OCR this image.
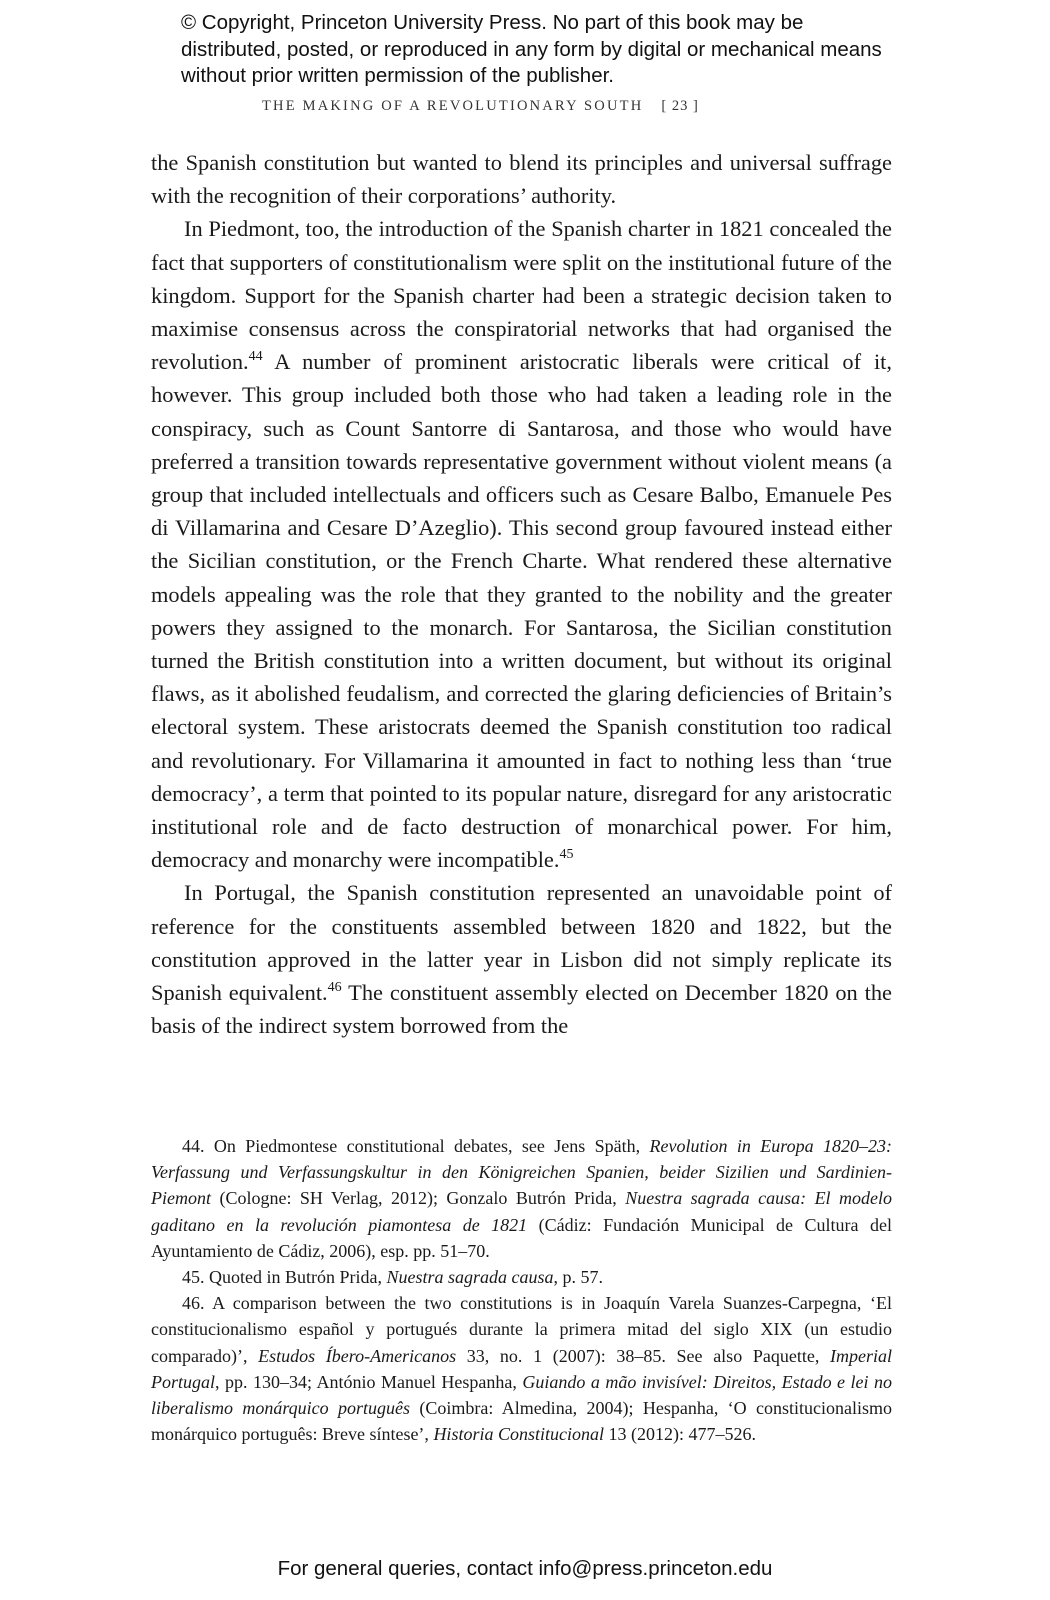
© Copyright, Princeton University Press. No part of this book may be distributed, posted, or reproduced in any form by digital or mechanical means without prior written permission of the publisher.
THE MAKING OF A REVOLUTIONARY SOUTH [ 23 ]

the Spanish constitution but wanted to blend its principles and universal suffrage with the recognition of their corporations’ authority.

In Piedmont, too, the introduction of the Spanish charter in 1821 concealed the fact that supporters of constitutionalism were split on the institutional future of the kingdom. Support for the Spanish charter had been a strategic decision taken to maximise consensus across the conspiratorial networks that had organised the revolution.$^{44}$ A number of prominent aristocratic liberals were critical of it, however. This group included both those who had taken a leading role in the conspiracy, such as Count Santorre di Santarosa, and those who would have preferred a transition towards representative government without violent means (a group that included intellectuals and officers such as Cesare Balbo, Emanuele Pes di Villamarina and Cesare D’Azeglio). This second group favoured instead either the Sicilian constitution, or the French Charte. What rendered these alternative models appealing was the role that they granted to the nobility and the greater powers they assigned to the monarch. For Santarosa, the Sicilian constitution turned the British constitution into a written document, but without its original flaws, as it abolished feudalism, and corrected the glaring deficiencies of Britain’s electoral system. These aristocrats deemed the Spanish constitution too radical and revolutionary. For Villamarina it amounted in fact to nothing less than ‘true democracy’, a term that pointed to its popular nature, disregard for any aristocratic institutional role and de facto destruction of monarchical power. For him, democracy and monarchy were incompatible.$^{45}$

In Portugal, the Spanish constitution represented an unavoidable point of reference for the constituents assembled between 1820 and 1822, but the constitution approved in the latter year in Lisbon did not simply replicate its Spanish equivalent.$^{46}$ The constituent assembly elected on December 1820 on the basis of the indirect system borrowed from the

44. On Piedmontese constitutional debates, see Jens Späth, Revolution in Europa 1820–23: Verfassung und Verfassungskultur in den Königreichen Spanien, beider Sizilien und Sardinien-Piemont (Cologne: SH Verlag, 2012); Gonzalo Butrón Prida, Nuestra sagrada causa: El modelo gaditano en la revolución piamontesa de 1821 (Cádiz: Fundación Municipal de Cultura del Ayuntamiento de Cádiz, 2006), esp. pp. 51–70.

45. Quoted in Butrón Prida, Nuestra sagrada causa, p. 57.

46. A comparison between the two constitutions is in Joaquín Varela Suanzes-Carpegna, ‘El constitucionalismo español y portugués durante la primera mitad del siglo XIX (un estudio comparado)’, Estudos Íbero-Americanos 33, no. 1 (2007): 38–85. See also Paquette, Imperial Portugal, pp. 130–34; António Manuel Hespanha, Guiando a mão invisível: Direitos, Estado e lei no liberalismo monárquico português (Coimbra: Almedina, 2004); Hespanha, ‘O constitucionalismo monárquico português: Breve síntese’, Historia Constitucional 13 (2012): 477–526.

For general queries, contact info@press.princeton.edu
